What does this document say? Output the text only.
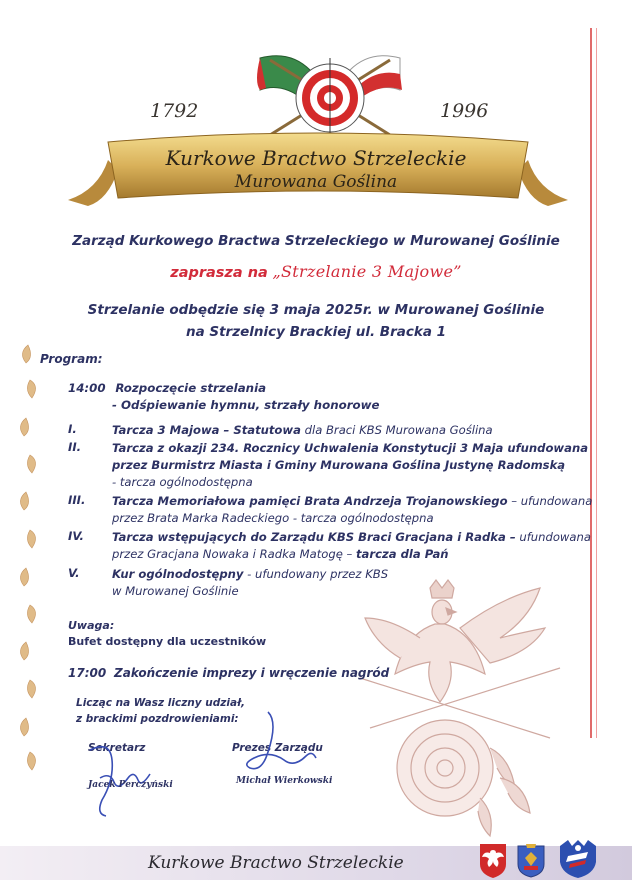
1792	1996
Kurkowe Bractwo Strzeleckie
Murowana Goślina
Zarząd Kurkowego Bractwa Strzeleckiego w Murowanej Goślinie
zaprasza na „Strzelanie 3 Majowe”
Strzelanie odbędzie się 3 maja 2025r. w Murowanej Goślinie
na Strzelnicy Brackiej ul. Bracka 1
Program:
14:00 Rozpoczęcie strzelania
- Odśpiewanie hymnu, strzały honorowe
I.	Tarcza 3 Majowa – Statutowa dla Braci KBS Murowana Goślina
II.	Tarcza z okazji 234. Rocznicy Uchwalenia Konstytucji 3 Maja ufundowana
przez Burmistrz Miasta i Gminy Murowana Goślina Justynę Radomską
- tarcza ogólnodostępna
III. Tarcza Memoriałowa pamięci Brata Andrzeja Trojanowskiego – ufundowana
przez Brata Marka Radeckiego - tarcza ogólnodostępna
IV. Tarcza wstępujących do Zarządu KBS Braci Gracjana i Radka – ufundowana
przez Gracjana Nowaka i Radka Matogę – tarcza dla Pań
V.	Kur ogólnodostępny - ufundowany przez KBS
w Murowanej Goślinie
Uwaga:
Bufet dostępny dla uczestników
17:00 Zakończenie imprezy i wręczenie nagród
Licząc na Wasz liczny udział,
z brackimi pozdrowieniami:
Sekretarz
Jacek Perczyński
Prezes Zarządu
Michał Wierkowski
Kurkowe Bractwo Strzeleckie
